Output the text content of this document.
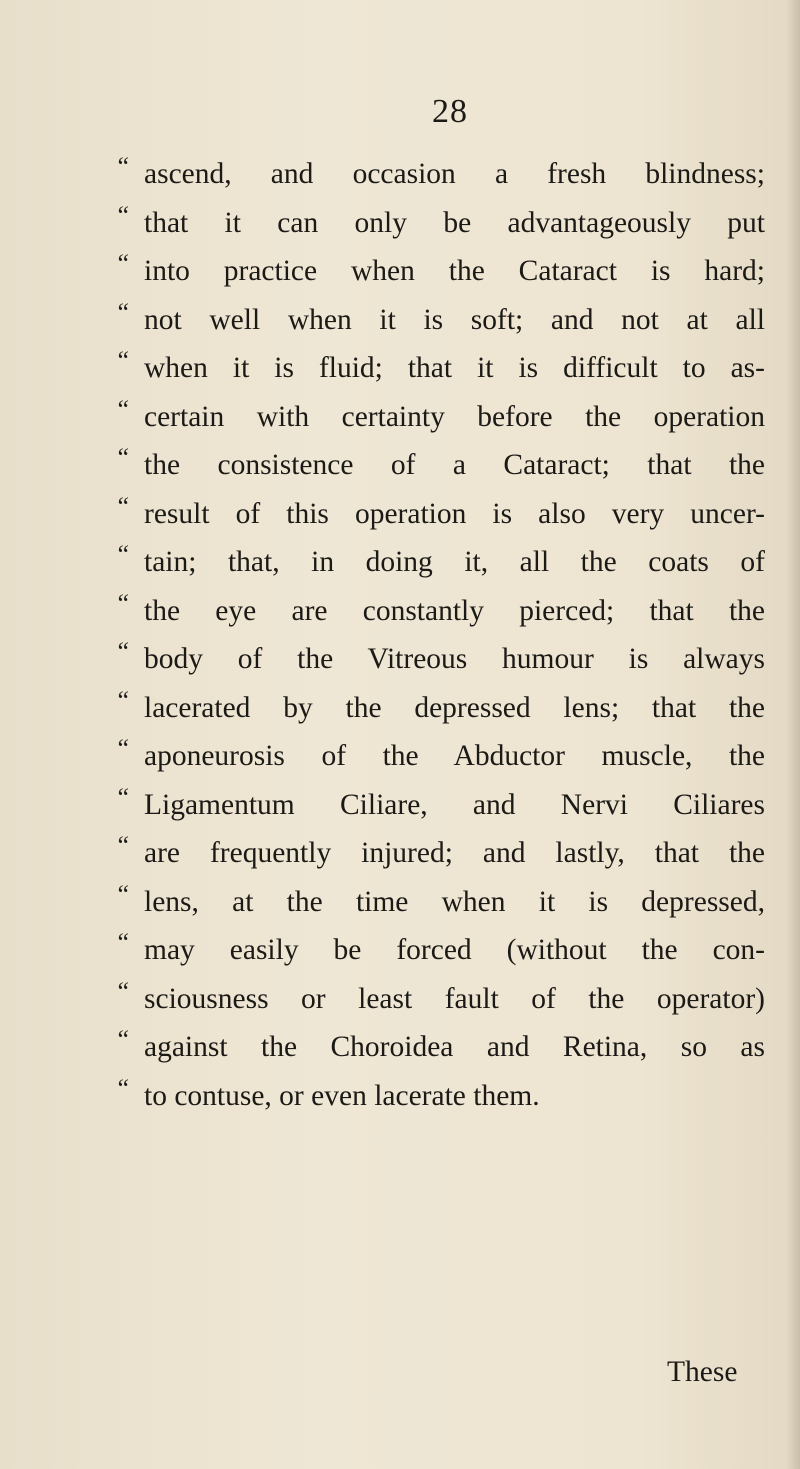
28
“ ascend, and occasion a fresh blindness;
“ that it can only be advantageously put
“ into practice when the Cataract is hard;
“ not well when it is soft; and not at all
“ when it is fluid; that it is difficult to as-
“ certain with certainty before the operation
“ the consistence of a Cataract; that the
“ result of this operation is also very uncer-
“ tain; that, in doing it, all the coats of
“ the eye are constantly pierced; that the
“ body of the Vitreous humour is always
“ lacerated by the depressed lens; that the
“ aponeurosis of the Abductor muscle, the
“ Ligamentum Ciliare, and Nervi Ciliares
“ are frequently injured; and lastly, that the
“ lens, at the time when it is depressed,
“ may easily be forced (without the con-
“ sciousness or least fault of the operator)
“ against the Choroidea and Retina, so as
“ to contuse, or even lacerate them.
These
